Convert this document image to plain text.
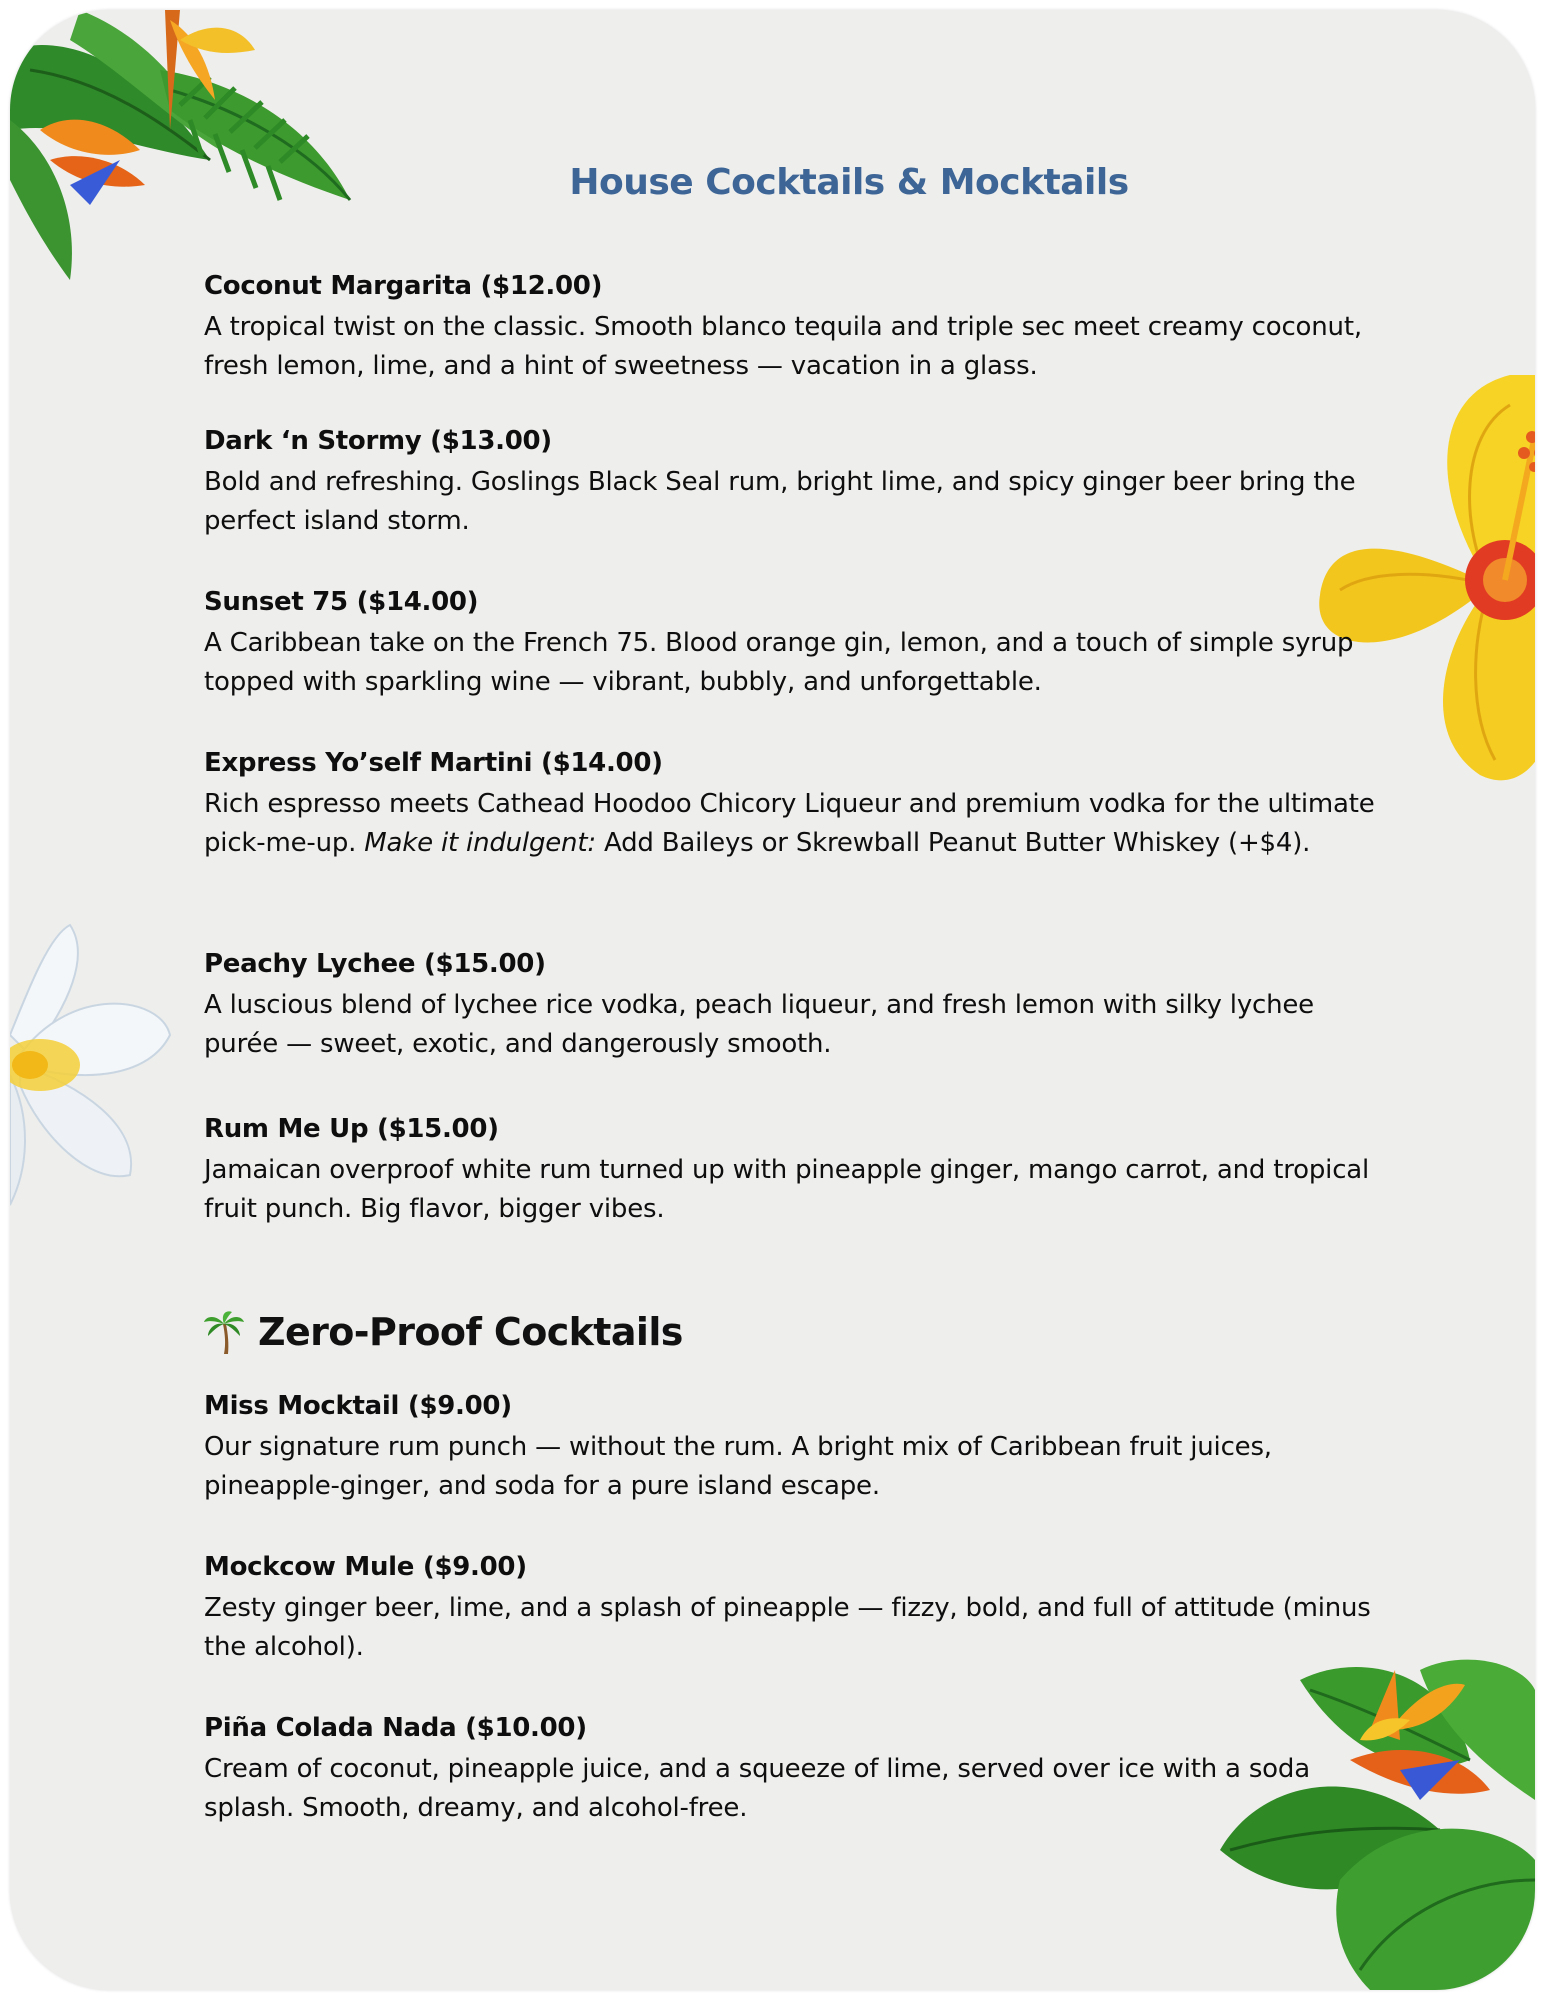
House Cocktails & Mocktails
Coconut Margarita ($12.00)
A tropical twist on the classic. Smooth blanco tequila and triple sec meet creamy coconut, fresh lemon, lime, and a hint of sweetness — vacation in a glass.
Dark ‘n Stormy ($13.00)
Bold and refreshing. Goslings Black Seal rum, bright lime, and spicy ginger beer bring the perfect island storm.
Sunset 75 ($14.00)
A Caribbean take on the French 75. Blood orange gin, lemon, and a touch of simple syrup topped with sparkling wine — vibrant, bubbly, and unforgettable.
Express Yo’self Martini ($14.00)
Rich espresso meets Cathead Hoodoo Chicory Liqueur and premium vodka for the ultimate pick-me-up. Make it indulgent: Add Baileys or Skrewball Peanut Butter Whiskey (+$4).
Peachy Lychee ($15.00)
A luscious blend of lychee rice vodka, peach liqueur, and fresh lemon with silky lychee purée — sweet, exotic, and dangerously smooth.
Rum Me Up ($15.00)
Jamaican overproof white rum turned up with pineapple ginger, mango carrot, and tropical fruit punch. Big flavor, bigger vibes.
Zero-Proof Cocktails
Miss Mocktail ($9.00)
Our signature rum punch — without the rum. A bright mix of Caribbean fruit juices, pineapple-ginger, and soda for a pure island escape.
Mockcow Mule ($9.00)
Zesty ginger beer, lime, and a splash of pineapple — fizzy, bold, and full of attitude (minus the alcohol).
Piña Colada Nada ($10.00)
Cream of coconut, pineapple juice, and a squeeze of lime, served over ice with a soda splash. Smooth, dreamy, and alcohol-free.
